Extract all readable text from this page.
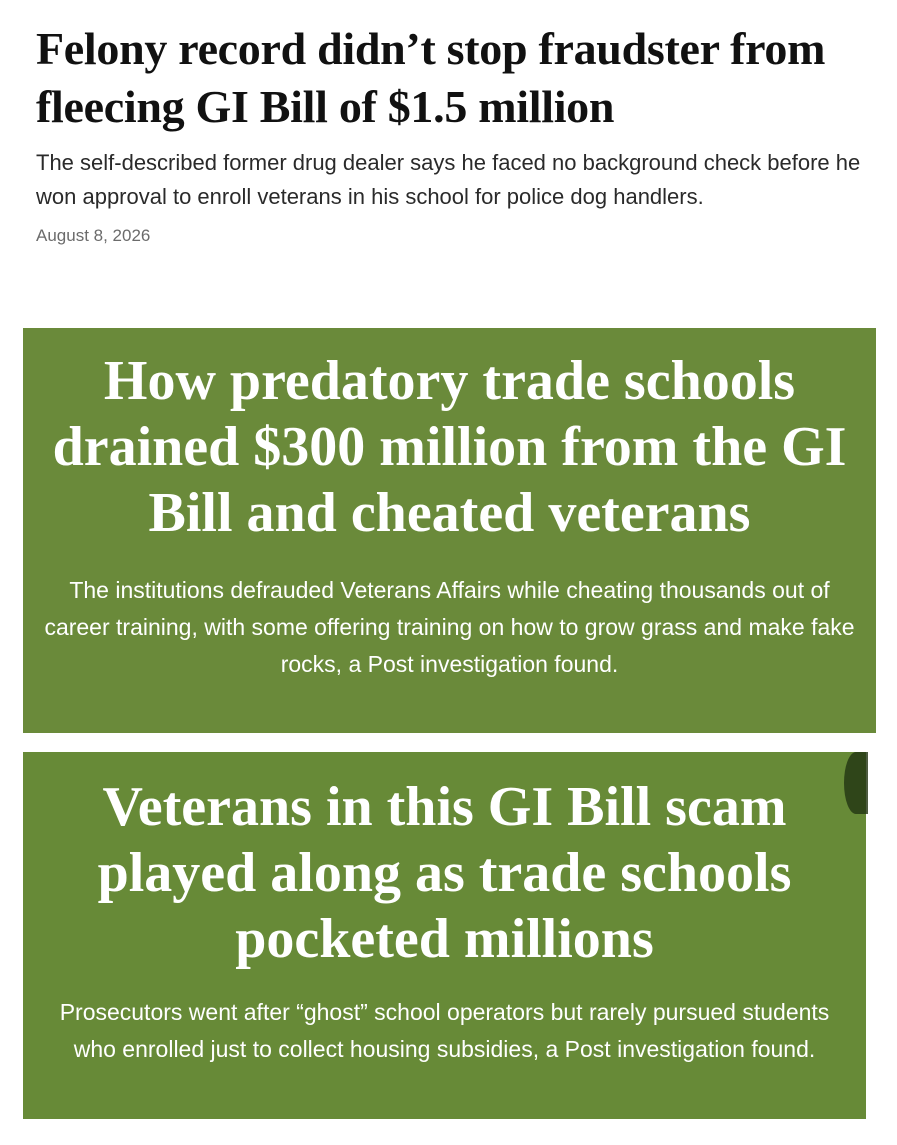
Felony record didn’t stop fraudster from fleecing GI Bill of $1.5 million

The self-described former drug dealer says he faced no background check before he won approval to enroll veterans in his school for police dog handlers.

August 8, 2026
How predatory trade schools drained $300 million from the GI Bill and cheated veterans

The institutions defrauded Veterans Affairs while cheating thousands out of career training, with some offering training on how to grow grass and make fake rocks, a Post investigation found.

Veterans in this GI Bill scam played along as trade schools pocketed millions

Prosecutors went after “ghost” school operators but rarely pursued students who enrolled just to collect housing subsidies, a Post investigation found.
